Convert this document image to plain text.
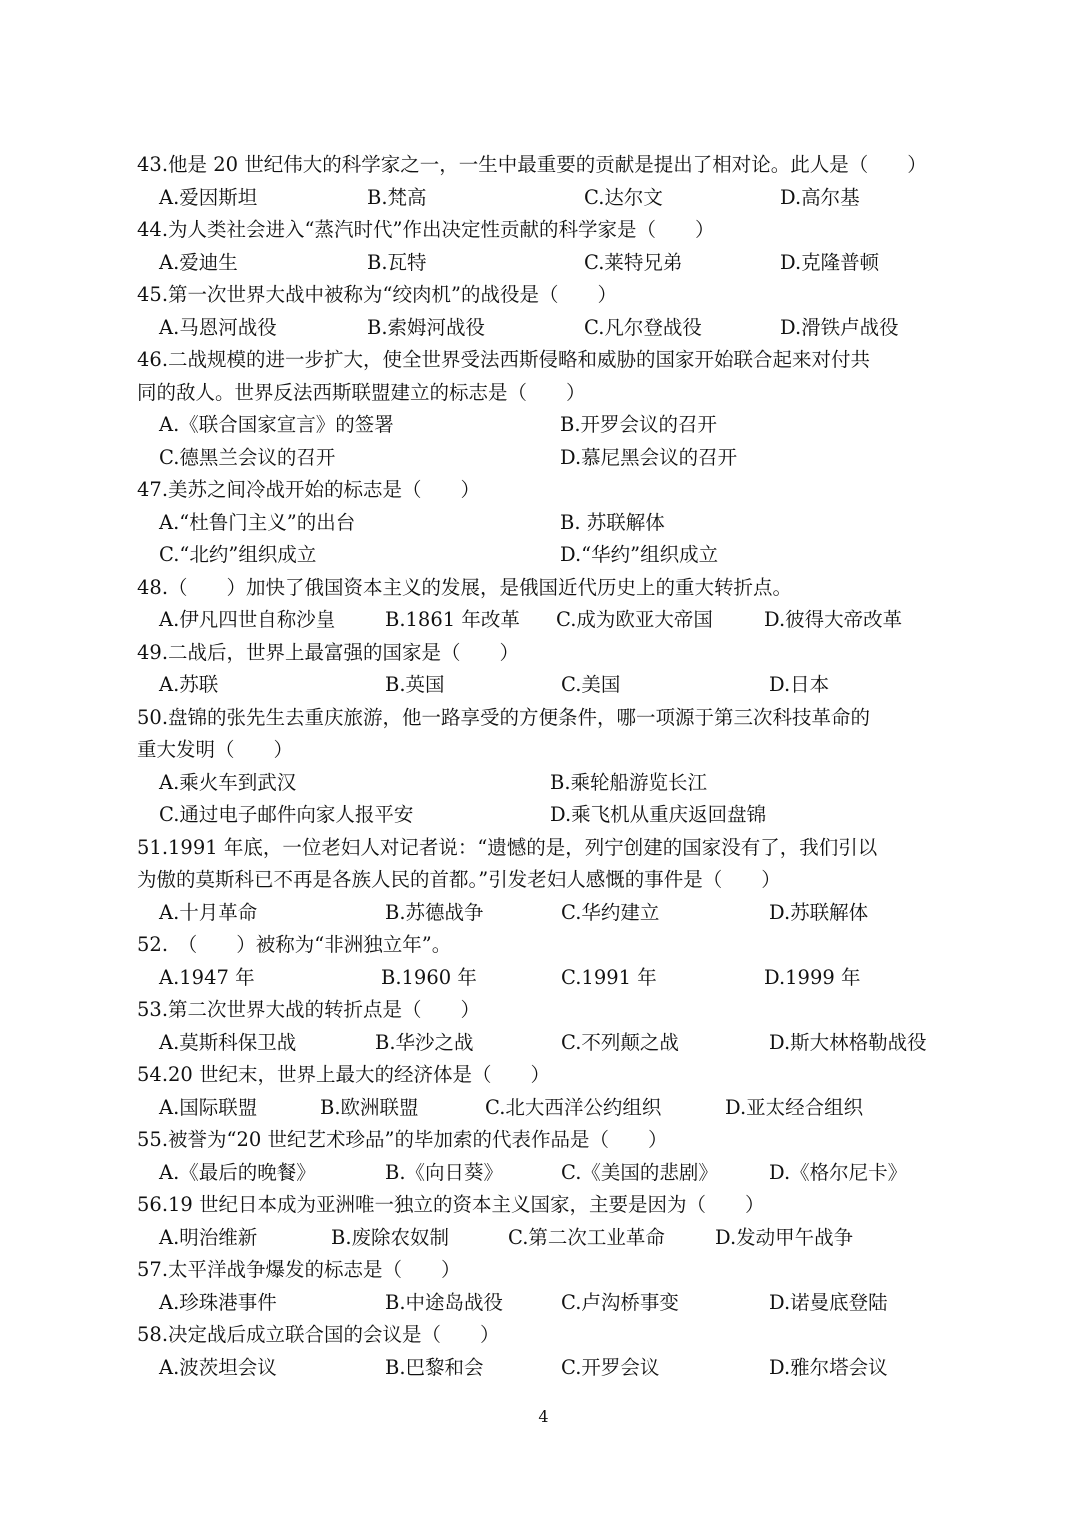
43.他是 20 世纪伟大的科学家之一，一生中最重要的贡献是提出了相对论。此人是（　　）
A.爱因斯坦	B.梵高	C.达尔文	D.高尔基
44.为人类社会进入“蒸汽时代”作出决定性贡献的科学家是（　　）
A.爱迪生	B.瓦特	C.莱特兄弟	D.克隆普顿
45.第一次世界大战中被称为“绞肉机”的战役是（　　）
A.马恩河战役	B.索姆河战役	C.凡尔登战役	D.滑铁卢战役
46.二战规模的进一步扩大，使全世界受法西斯侵略和威胁的国家开始联合起来对付共
同的敌人。世界反法西斯联盟建立的标志是（　　）
A.《联合国家宣言》的签署	B.开罗会议的召开
C.德黑兰会议的召开	D.慕尼黑会议的召开
47.美苏之间冷战开始的标志是（　　）
A.“杜鲁门主义”的出台	B. 苏联解体
C.“北约”组织成立	D.“华约”组织成立
48.（　　）加快了俄国资本主义的发展，是俄国近代历史上的重大转折点。
A.伊凡四世自称沙皇	B.1861 年改革 C.成为欧亚大帝国	D.彼得大帝改革
49.二战后，世界上最富强的国家是（　　）
A.苏联	B.英国	C.美国	D.日本
50.盘锦的张先生去重庆旅游，他一路享受的方便条件，哪一项源于第三次科技革命的
重大发明（　　）
A.乘火车到武汉	B.乘轮船游览长江
C.通过电子邮件向家人报平安	D.乘飞机从重庆返回盘锦
51.1991 年底，一位老妇人对记者说：“遗憾的是，列宁创建的国家没有了，我们引以
为傲的莫斯科已不再是各族人民的首都。”引发老妇人感慨的事件是（　　）
A.十月革命	B.苏德战争	C.华约建立	D.苏联解体
52.　（　　）被称为“非洲独立年”。
A.1947 年	B.1960 年	C.1991 年	D.1999 年
53.第二次世界大战的转折点是（　　）
A.莫斯科保卫战	B.华沙之战	C.不列颠之战	D.斯大林格勒战役
54.20 世纪末，世界上最大的经济体是（　　）
A.国际联盟	B.欧洲联盟	C.北大西洋公约组织	D.亚太经合组织
55.被誉为“20 世纪艺术珍品”的毕加索的代表作品是（　　）
A.《最后的晚餐》	B.《向日葵》	C.《美国的悲剧》	D.《格尔尼卡》
56.19 世纪日本成为亚洲唯一独立的资本主义国家，主要是因为（　　）
A.明治维新	B.废除农奴制	C.第二次工业革命	D.发动甲午战争
57.太平洋战争爆发的标志是（　　）
A.珍珠港事件	B.中途岛战役	C.卢沟桥事变	D.诺曼底登陆
58.决定战后成立联合国的会议是（　　）
A.波茨坦会议	B.巴黎和会	C.开罗会议	D.雅尔塔会议
4
